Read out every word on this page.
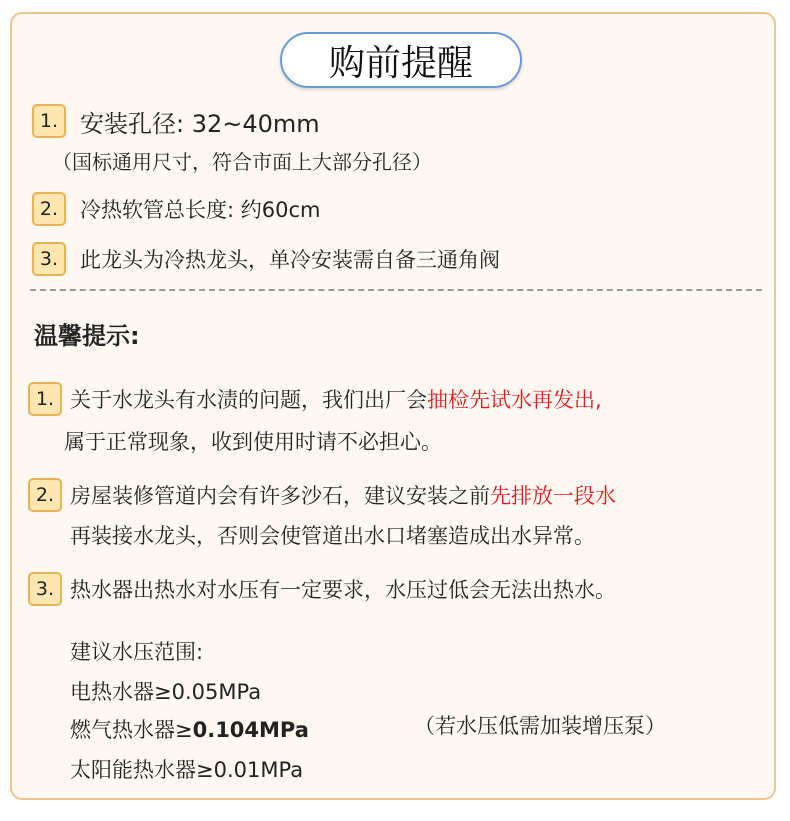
购前提醒
1. 安装孔径: 32~40mm
（国标通用尺寸，符合市面上大部分孔径）
2.	冷热软管总长度: 约60cm
3.	此龙头为冷热龙头，单冷安装需自备三通角阀
温馨提示:
1. 关于水龙头有水渍的问题，我们出厂会抽检先试水再发出,
属于正常现象，收到使用时请不必担心。
2. 房屋装修管道内会有许多沙石，建议安装之前先排放一段水
再装接水龙头，否则会使管道出水口堵塞造成出水异常。
3. 热水器出热水对水压有一定要求，水压过低会无法出热水。
建议水压范围:
电热水器≥0.05MPa
燃气热水器≥0.104MPa	（若水压低需加装增压泵）
太阳能热水器≥0.01MPa
